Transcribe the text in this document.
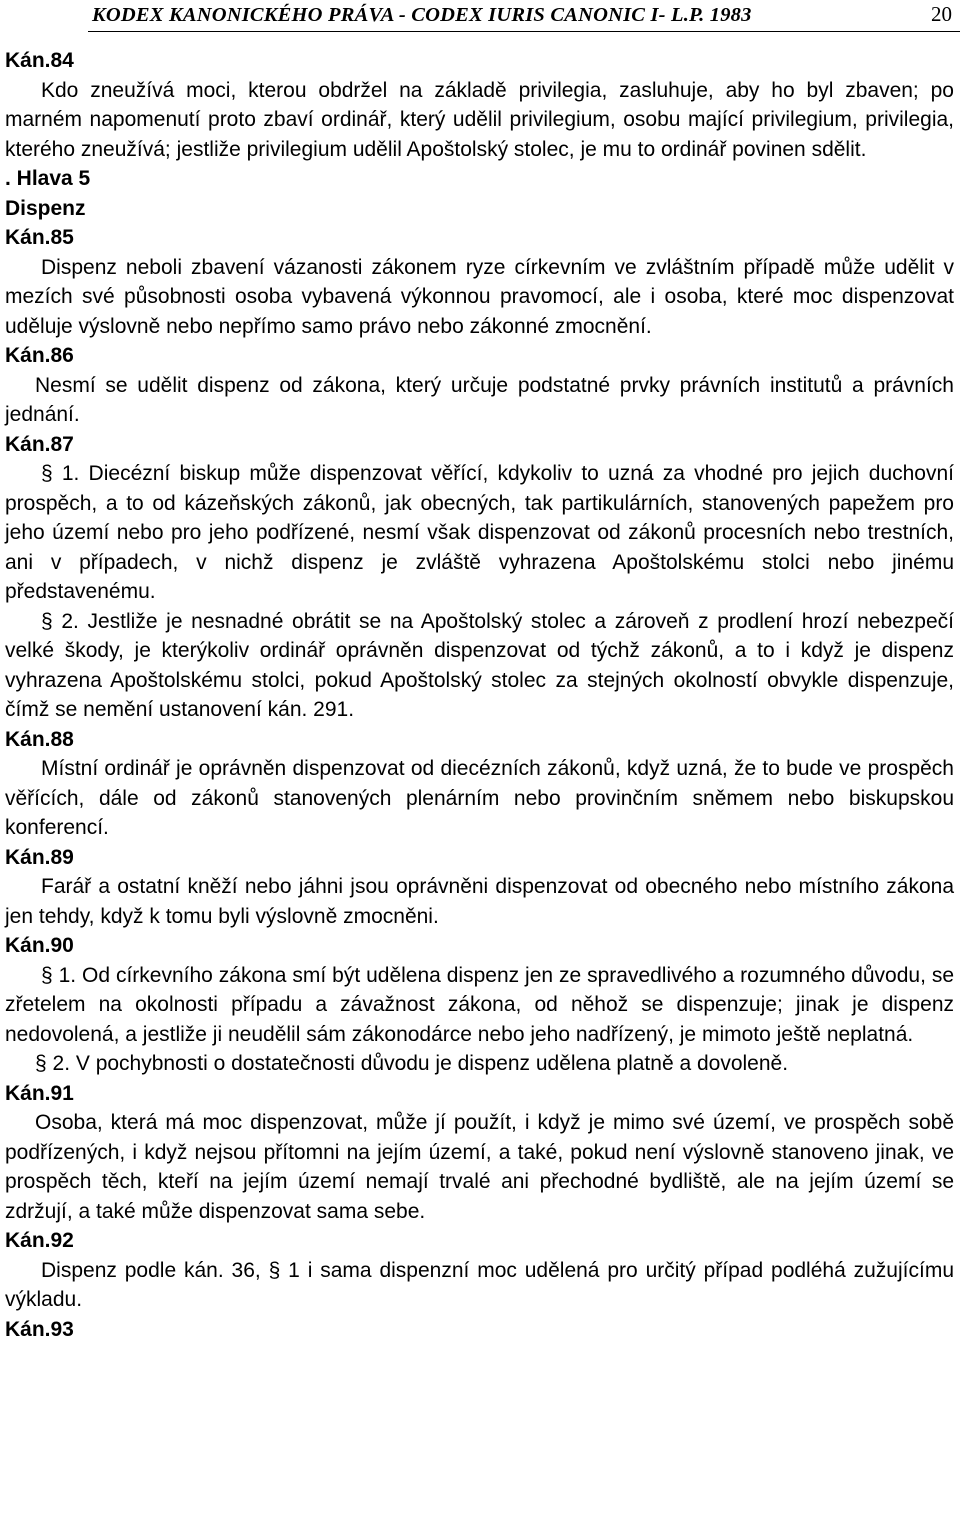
KODEX KANONICKÉHO PRÁVA - CODEX IURIS CANONIC I- L.P. 1983	20

Kán.84

Kdo zneužívá moci, kterou obdržel na základě privilegia, zasluhuje, aby ho byl zbaven; po marném napomenutí proto zbaví ordinář, který udělil privilegium, osobu mající privilegium, privilegia, kterého zneužívá; jestliže privilegium udělil Apoštolský stolec, je mu to ordinář povinen sdělit.

. Hlava 5

Dispenz

Kán.85

Dispenz neboli zbavení vázanosti zákonem ryze církevním ve zvláštním případě může udělit v mezích své působnosti osoba vybavená výkonnou pravomocí, ale i osoba, které moc dispenzovat uděluje výslovně nebo nepřímo samo právo nebo zákonné zmocnění.

Kán.86

Nesmí se udělit dispenz od zákona, který určuje podstatné prvky právních institutů a právních jednání.

Kán.87

§ 1. Diecézní biskup může dispenzovat věřící, kdykoliv to uzná za vhodné pro jejich duchovní prospěch, a to od kázeňských zákonů, jak obecných, tak partikulárních, stanovených papežem pro jeho území nebo pro jeho podřízené, nesmí však dispenzovat od zákonů procesních nebo trestních, ani v případech, v nichž dispenz je zvláště vyhrazena Apoštolskému stolci nebo jinému představenému.

§ 2. Jestliže je nesnadné obrátit se na Apoštolský stolec a zároveň z prodlení hrozí nebezpečí velké škody, je kterýkoliv ordinář oprávněn dispenzovat od týchž zákonů, a to i když je dispenz vyhrazena Apoštolskému stolci, pokud Apoštolský stolec za stejných okolností obvykle dispenzuje, čímž se nemění ustanovení kán. 291.

Kán.88

Místní ordinář je oprávněn dispenzovat od diecézních zákonů, když uzná, že to bude ve prospěch věřících, dále od zákonů stanovených plenárním nebo provinčním sněmem nebo biskupskou konferencí.

Kán.89

Farář a ostatní kněží nebo jáhni jsou oprávněni dispenzovat od obecného nebo místního zákona jen tehdy, když k tomu byli výslovně zmocněni.

Kán.90

§ 1. Od církevního zákona smí být udělena dispenz jen ze spravedlivého a rozumného důvodu, se zřetelem na okolnosti případu a závažnost zákona, od něhož se dispenzuje; jinak je dispenz nedovolená, a jestliže ji neudělil sám zákonodárce nebo jeho nadřízený, je mimoto ještě neplatná.

§ 2. V pochybnosti o dostatečnosti důvodu je dispenz udělena platně a dovoleně.

Kán.91

Osoba, která má moc dispenzovat, může jí použít, i když je mimo své území, ve prospěch sobě podřízených, i když nejsou přítomni na jejím území, a také, pokud není výslovně stanoveno jinak, ve prospěch těch, kteří na jejím území nemají trvalé ani přechodné bydliště, ale na jejím území se zdržují, a také může dispenzovat sama sebe.

Kán.92

Dispenz podle kán. 36, § 1 i sama dispenzní moc udělená pro určitý případ podléhá zužujícímu výkladu.

Kán.93
